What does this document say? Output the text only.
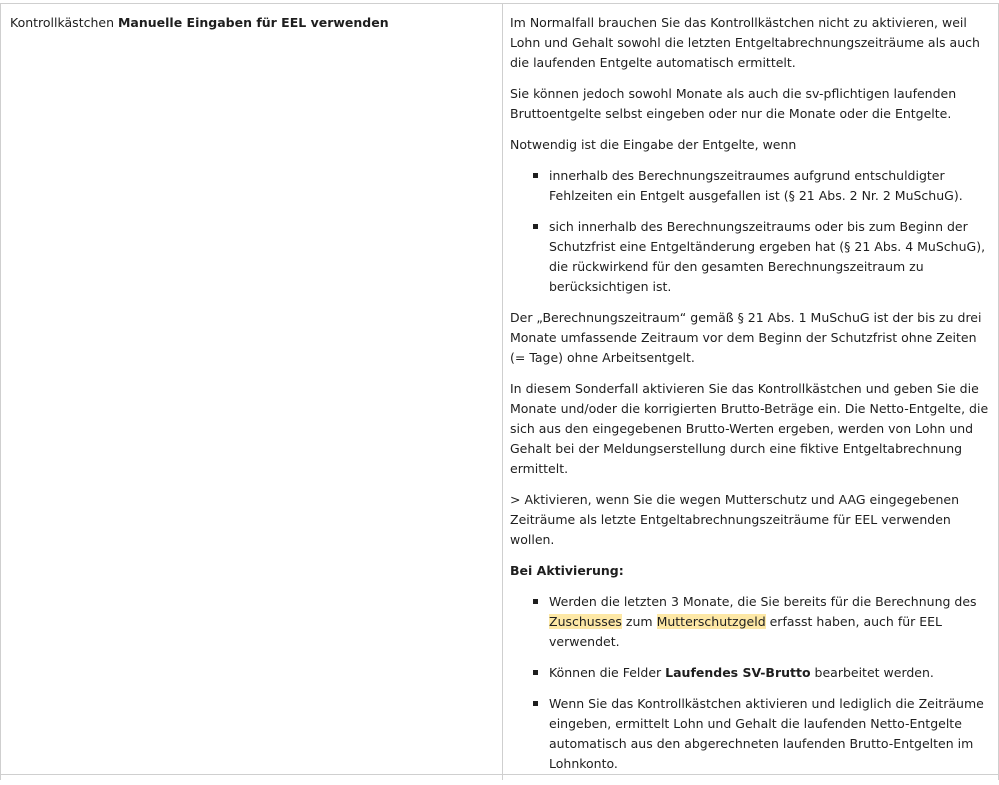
Kontrollkästchen Manuelle Eingaben für EEL verwenden	Im Normalfall brauchen Sie das Kontrollkästchen nicht zu aktivieren, weil Lohn und Gehalt sowohl die letzten Entgeltabrechnungszeiträume als auch die laufenden Entgelte automatisch ermittelt.

Sie können jedoch sowohl Monate als auch die sv-pflichtigen laufenden Bruttoentgelte selbst eingeben oder nur die Monate oder die Entgelte.

Notwendig ist die Eingabe der Entgelte, wenn

innerhalb des Berechnungszeitraumes aufgrund entschuldigter Fehlzeiten ein Entgelt ausgefallen ist (§ 21 Abs. 2 Nr. 2 MuSchuG).
sich innerhalb des Berechnungszeitraums oder bis zum Beginn der Schutzfrist eine Entgeltänderung ergeben hat (§ 21 Abs. 4 MuSchuG), die rückwirkend für den gesamten Berechnungszeitraum zu berücksichtigen ist.

Der „Berechnungszeitraum“ gemäß § 21 Abs. 1 MuSchuG ist der bis zu drei Monate umfassende Zeitraum vor dem Beginn der Schutzfrist ohne Zeiten (= Tage) ohne Arbeitsentgelt.

In diesem Sonderfall aktivieren Sie das Kontrollkästchen und geben Sie die Monate und/oder die korrigierten Brutto-Beträge ein. Die Netto-Entgelte, die sich aus den eingegebenen Brutto-Werten ergeben, werden von Lohn und Gehalt bei der Meldungserstellung durch eine fiktive Entgeltabrechnung ermittelt.

> Aktivieren, wenn Sie die wegen Mutterschutz und AAG eingegebenen Zeiträume als letzte Entgeltabrechnungszeiträume für EEL verwenden wollen.

Bei Aktivierung:

Werden die letzten 3 Monate, die Sie bereits für die Berechnung des Zuschusses zum Mutterschutzgeld erfasst haben, auch für EEL verwendet.
Können die Felder Laufendes SV-Brutto bearbeitet werden.
Wenn Sie das Kontrollkästchen aktivieren und lediglich die Zeiträume eingeben, ermittelt Lohn und Gehalt die laufenden Netto-Entgelte automatisch aus den abgerechneten laufenden Brutto-Entgelten im Lohnkonto.
